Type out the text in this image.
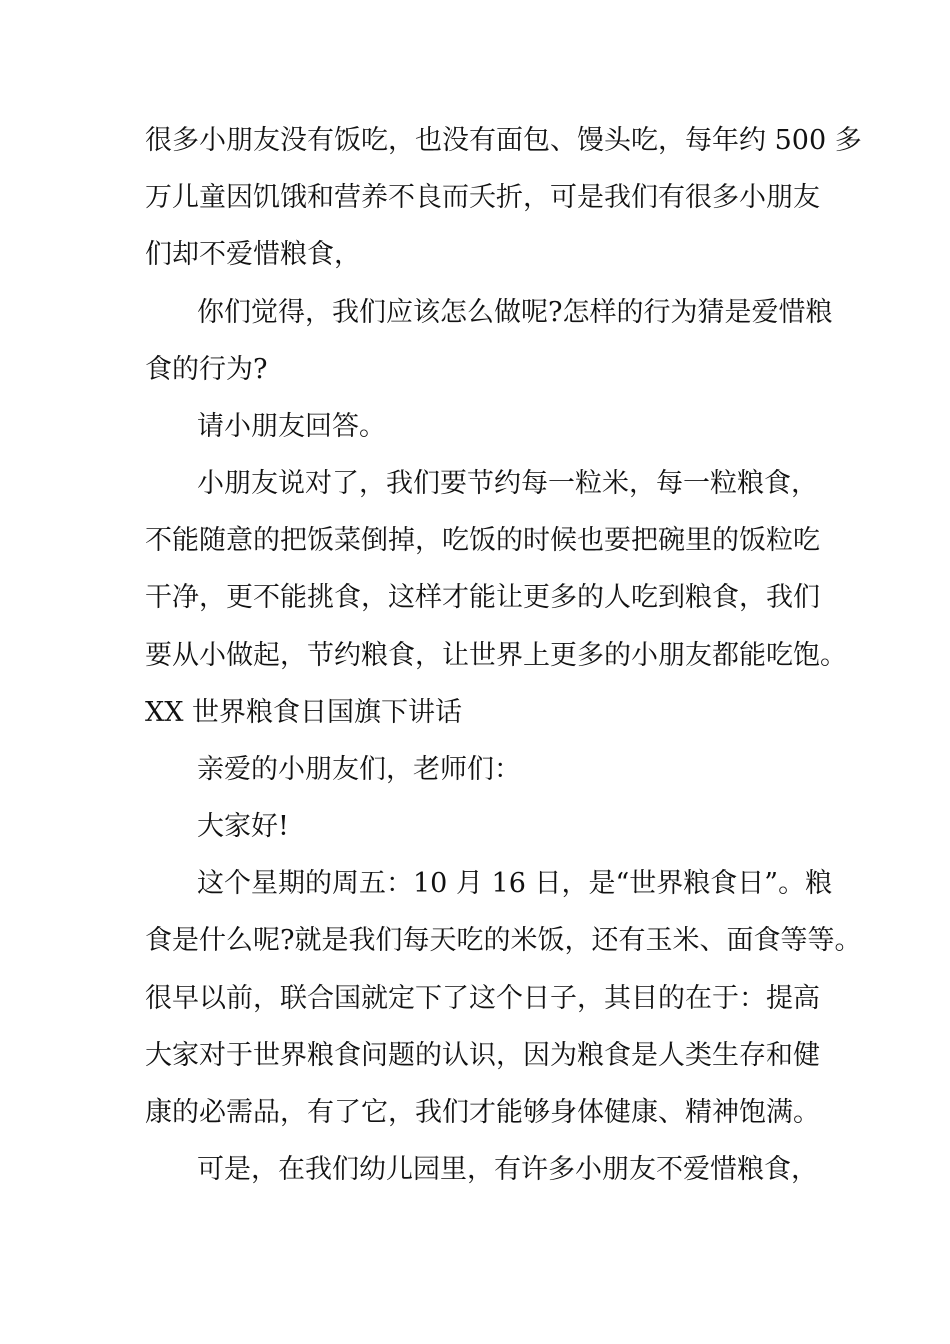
很多小朋友没有饭吃，也没有面包、馒头吃，每年约 500 多
万儿童因饥饿和营养不良而夭折，可是我们有很多小朋友
们却不爱惜粮食，
你们觉得，我们应该怎么做呢?怎样的行为猜是爱惜粮
食的行为?
请小朋友回答。
小朋友说对了，我们要节约每一粒米，每一粒粮食，
不能随意的把饭菜倒掉，吃饭的时候也要把碗里的饭粒吃
干净，更不能挑食，这样才能让更多的人吃到粮食，我们
要从小做起，节约粮食，让世界上更多的小朋友都能吃饱。
XX 世界粮食日国旗下讲话
亲爱的小朋友们，老师们：
大家好!
这个星期的周五：10 月 16 日，是“世界粮食日”。粮
食是什么呢?就是我们每天吃的米饭，还有玉米、面食等等。
很早以前，联合国就定下了这个日子，其目的在于：提高
大家对于世界粮食问题的认识，因为粮食是人类生存和健
康的必需品，有了它，我们才能够身体健康、精神饱满。
可是，在我们幼儿园里，有许多小朋友不爱惜粮食，
